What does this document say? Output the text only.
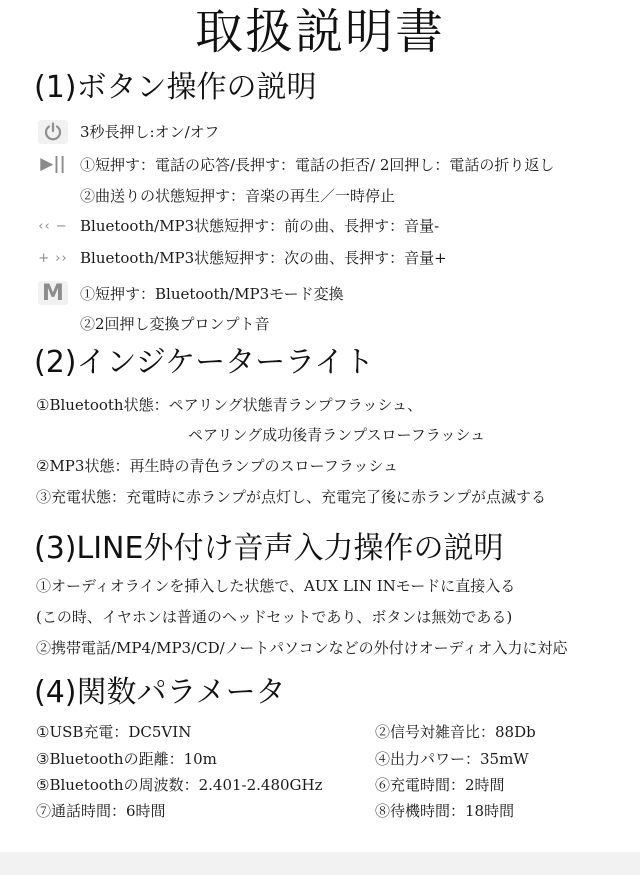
取扱説明書
(1)ボタン操作の説明
3秒長押し:オン/オフ
▶|| ①短押す：電話の応答/長押す：電話の拒否/ 2回押し：電話の折り返し
②曲送りの状態短押す：音楽の再生／一時停止
‹‹ − Bluetooth/MP3状態短押す：前の曲、長押す：音量-
+ ›› Bluetooth/MP3状態短押す：次の曲、長押す：音量+
M ①短押す：Bluetooth/MP3モード変換
②2回押し変換プロンプト音
(2)インジケーターライト
①Bluetooth状態：ペアリング状態青ランプフラッシュ、
ペアリング成功後青ランプスローフラッシュ
②MP3状態：再生時の青色ランプのスローフラッシュ
③充電状態：充電時に赤ランプが点灯し、充電完了後に赤ランプが点滅する
(3)LINE外付け音声入力操作の説明
①オーディオラインを挿入した状態で、AUX LIN INモードに直接入る
(この時、イヤホンは普通のヘッドセットであり、ボタンは無効である)
②携帯電話/MP4/MP3/CD/ノートパソコンなどの外付けオーディオ入力に対応
(4)関数パラメータ
①USB充電：DC5VIN	②信号対雑音比：88Db
③Bluetoothの距離：10m	④出力パワー：35mW
⑤Bluetoothの周波数：2.401-2.480GHz	⑥充電時間：2時間
⑦通話時間：6時間	⑧待機時間：18時間
